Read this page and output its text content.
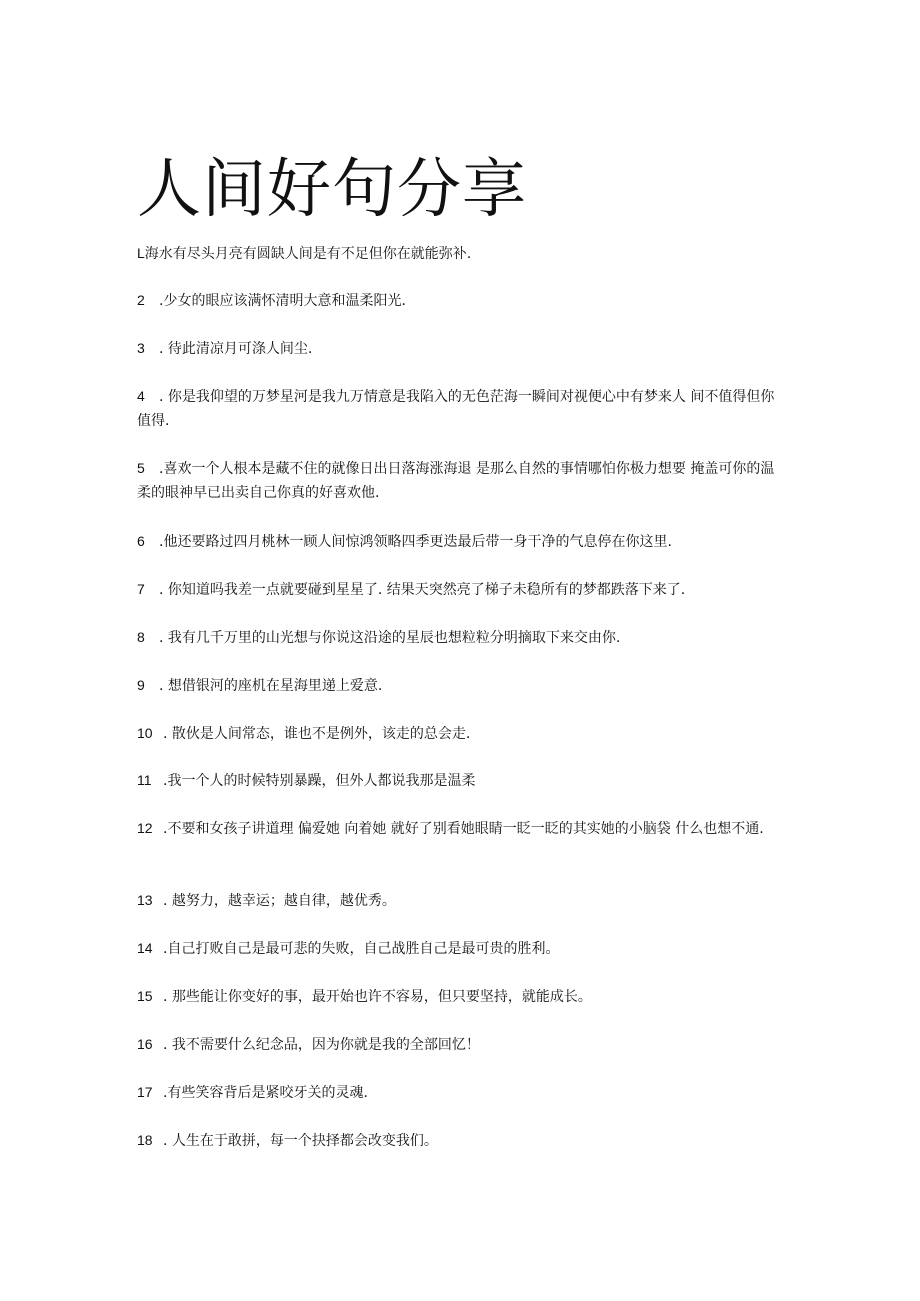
人间好句分享

L海水有尽头月亮有圆缺人间是有不足但你在就能弥补.

2 .少女的眼应该满怀清明大意和温柔阳光.

3 . 待此清凉月可涤人间尘.

4 . 你是我仰望的万梦星河是我九万情意是我陷入的无色茫海一瞬间对视便心中有梦来人 间不值得但你值得.

5 .喜欢一个人根本是藏不住的就像日出日落海涨海退 是那么自然的事情哪怕你极力想要 掩盖可你的温柔的眼神早已出卖自己你真的好喜欢他.

6 .他还要路过四月桃林一顾人间惊鸿领略四季更迭最后带一身干净的气息停在你这里.

7 . 你知道吗我差一点就要碰到星星了. 结果天突然亮了梯子未稳所有的梦都跌落下来了.

8 . 我有几千万里的山光想与你说这沿途的星辰也想粒粒分明摘取下来交由你.

9 . 想借银河的座机在星海里递上爱意.

10 . 散伙是人间常态，谁也不是例外，该走的总会走.

11 .我一个人的时候特别暴躁，但外人都说我那是温柔

12 .不要和女孩子讲道理 偏爱她 向着她 就好了别看她眼睛一眨一眨的其实她的小脑袋 什么也想不通.

13 . 越努力，越幸运；越自律，越优秀。

14 .自己打败自己是最可悲的失败，自己战胜自己是最可贵的胜利。

15 . 那些能让你变好的事，最开始也许不容易，但只要坚持，就能成长。

16 . 我不需要什么纪念品，因为你就是我的全部回忆！

17 .有些笑容背后是紧咬牙关的灵魂.

18 . 人生在于敢拼，每一个抉择都会改变我们。
